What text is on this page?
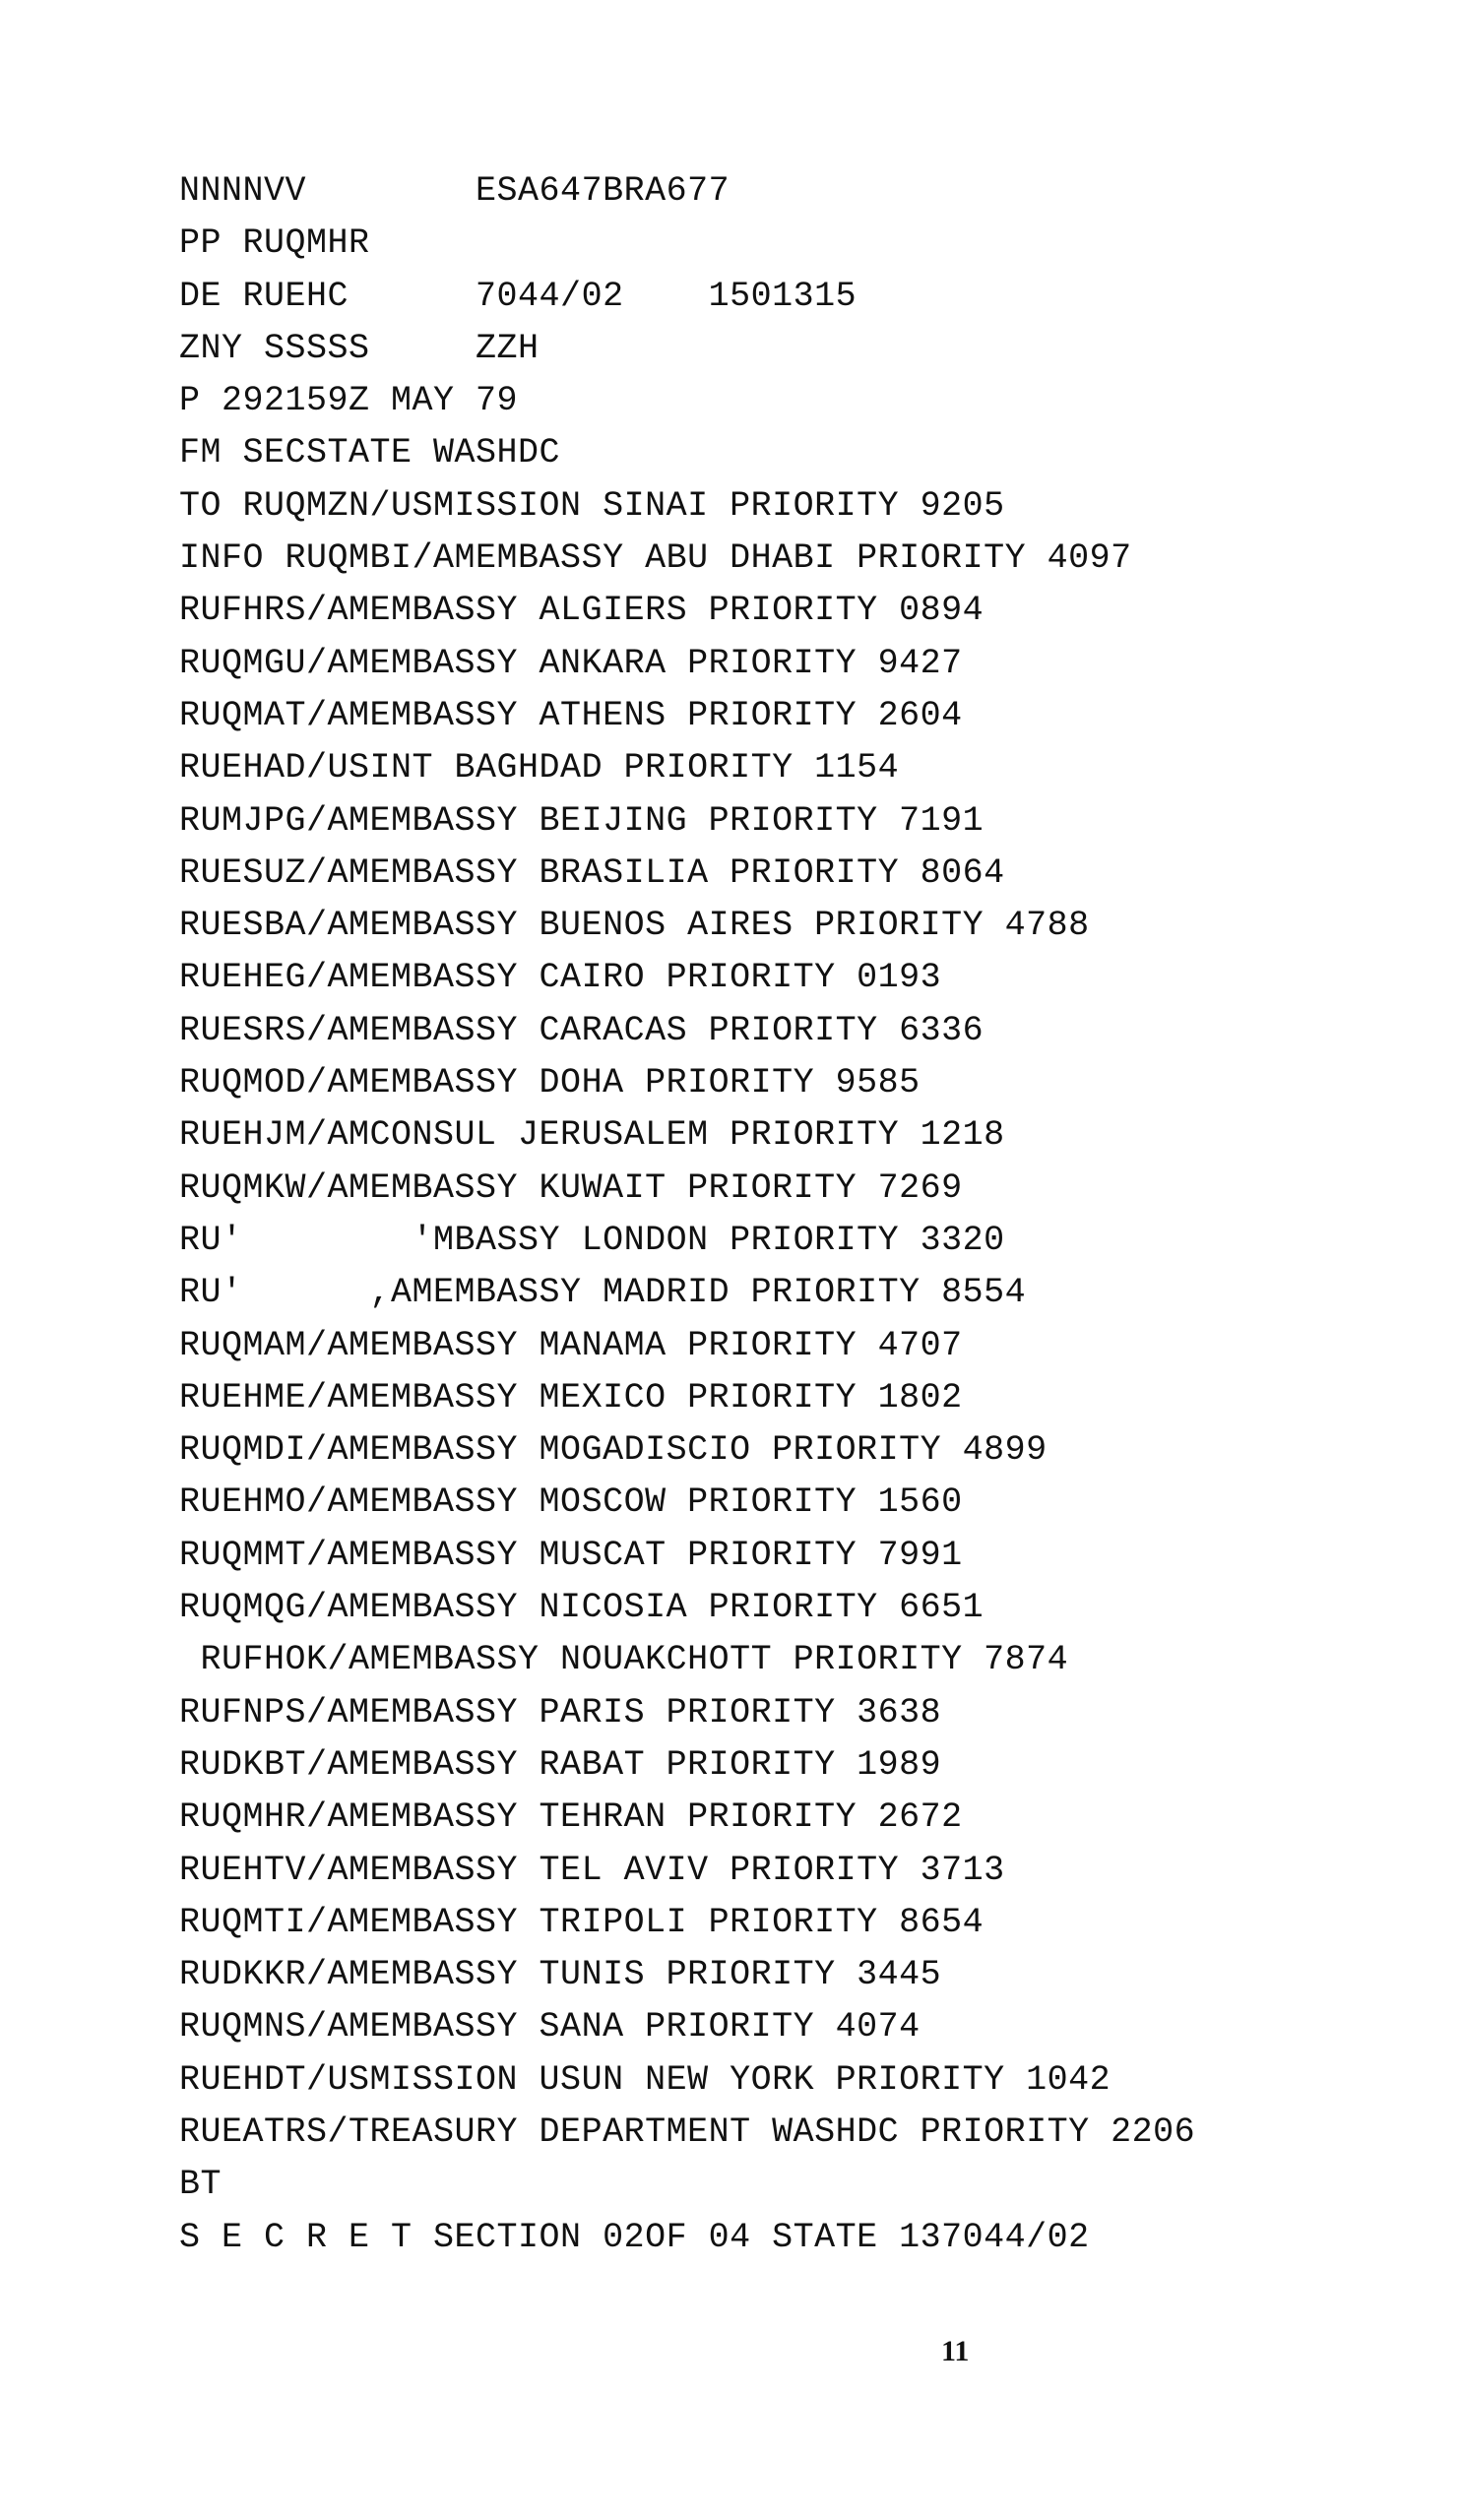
NNNNVV        ESA647BRA677
PP RUQMHR
DE RUEHC      7044/02    1501315
ZNY SSSSS     ZZH
P 292159Z MAY 79
FM SECSTATE WASHDC
TO RUQMZN/USMISSION SINAI PRIORITY 9205
INFO RUQMBI/AMEMBASSY ABU DHABI PRIORITY 4097
RUFHRS/AMEMBASSY ALGIERS PRIORITY 0894
RUQMGU/AMEMBASSY ANKARA PRIORITY 9427
RUQMAT/AMEMBASSY ATHENS PRIORITY 2604
RUEHAD/USINT BAGHDAD PRIORITY 1154
RUMJPG/AMEMBASSY BEIJING PRIORITY 7191
RUESUZ/AMEMBASSY BRASILIA PRIORITY 8064
RUESBA/AMEMBASSY BUENOS AIRES PRIORITY 4788
RUEHEG/AMEMBASSY CAIRO PRIORITY 0193
RUESRS/AMEMBASSY CARACAS PRIORITY 6336
RUQMOD/AMEMBASSY DOHA PRIORITY 9585
RUEHJM/AMCONSUL JERUSALEM PRIORITY 1218
RUQMKW/AMEMBASSY KUWAIT PRIORITY 7269
RU'        'MBASSY LONDON PRIORITY 3320
RU'      ,AMEMBASSY MADRID PRIORITY 8554
RUQMAM/AMEMBASSY MANAMA PRIORITY 4707
RUEHME/AMEMBASSY MEXICO PRIORITY 1802
RUQMDI/AMEMBASSY MOGADISCIO PRIORITY 4899
RUEHMO/AMEMBASSY MOSCOW PRIORITY 1560
RUQMMT/AMEMBASSY MUSCAT PRIORITY 7991
RUQMQG/AMEMBASSY NICOSIA PRIORITY 6651
RUFHOK/AMEMBASSY NOUAKCHOTT PRIORITY 7874
RUFNPS/AMEMBASSY PARIS PRIORITY 3638
RUDKBT/AMEMBASSY RABAT PRIORITY 1989
RUQMHR/AMEMBASSY TEHRAN PRIORITY 2672
RUEHTV/AMEMBASSY TEL AVIV PRIORITY 3713
RUQMTI/AMEMBASSY TRIPOLI PRIORITY 8654
RUDKKR/AMEMBASSY TUNIS PRIORITY 3445
RUQMNS/AMEMBASSY SANA PRIORITY 4074
RUEHDT/USMISSION USUN NEW YORK PRIORITY 1042
RUEATRS/TREASURY DEPARTMENT WASHDC PRIORITY 2206
BT
S E C R E T SECTION 02OF 04 STATE 137044/02
11
